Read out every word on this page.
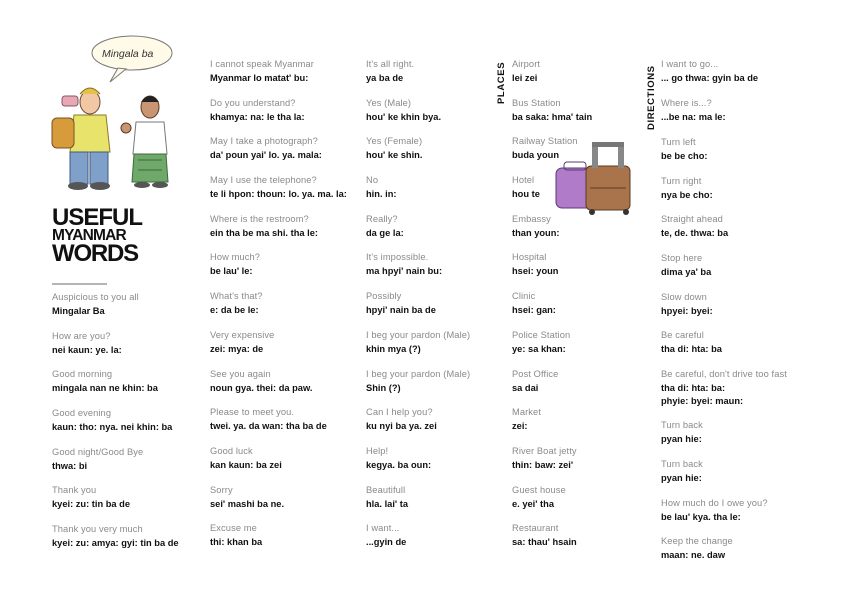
Mingala ba
USEFUL
MYANMAR
WORDS
Auspicious to you all
Mingalar Ba
How are you?
nei kaun: ye. la:
Good morning
mingala nan ne khin: ba
Good evening
kaun: tho: nya. nei khin: ba
Good night/Good Bye
thwa: bi
Thank you
kyei: zu: tin ba de
Thank you very much
kyei: zu: amya: gyi: tin ba de
I cannot speak Myanmar
Myanmar lo matat' bu:
Do you understand?
khamya: na: le tha la:
May I take a photograph?
da' poun yai' lo. ya. mala:
May I use the telephone?
te li hpon: thoun: lo. ya. ma. la:
Where is the restroom?
ein tha be ma shi. tha le:
How much?
be lau' le:
What's that?
e: da be le:
Very expensive
zei: mya: de
See you again
noun gya. thei: da paw.
Please to meet you.
twei. ya. da wan: tha ba de
Good luck
kan kaun: ba zei
Sorry
sei' mashi ba ne.
Excuse me
thi: khan ba
It's all right.
ya ba de
Yes (Male)
hou' ke khin bya.
Yes (Female)
hou' ke shin.
No
hin. in:
Really?
da ge la:
It's impossible.
ma hpyi' nain bu:
Possibly
hpyi' nain ba de
I beg your pardon (Male)
khin mya (?)
I beg your pardon (Male)
Shin (?)
Can I help you?
ku nyi ba ya. zei
Help!
kegya. ba oun:
Beautifull
hla. lai' ta
I want...
...gyin de
PLACES Airport
lei zei
Bus Station
ba saka: hma' tain
Railway Station
buda youn
Hotel
hou te
Embassy
than youn:
Hospital
hsei: youn
Clinic
hsei: gan:
Police Station
ye: sa khan:
Post Office
sa dai
Market
zei:
River Boat jetty
thin: baw: zei'
Guest house
e. yei' tha
Restaurant
sa: thau' hsain
DIRECTIONS
I want to go...
... go thwa: gyin ba de
Where is...?
...be na: ma le:
Turn left
be be cho:
Turn right
nya be cho:
Straight ahead
te, de. thwa: ba
Stop here
dima ya' ba
Slow down
hpyei: byei:
Be careful
tha di: hta: ba
Be careful, don't drive too fast
tha di: hta: ba:
phyie: byei: maun:
Turn back
pyan hie:
Turn back
pyan hie:
How much do I owe you?
be lau' kya. tha le:
Keep the change
maan: ne. daw
